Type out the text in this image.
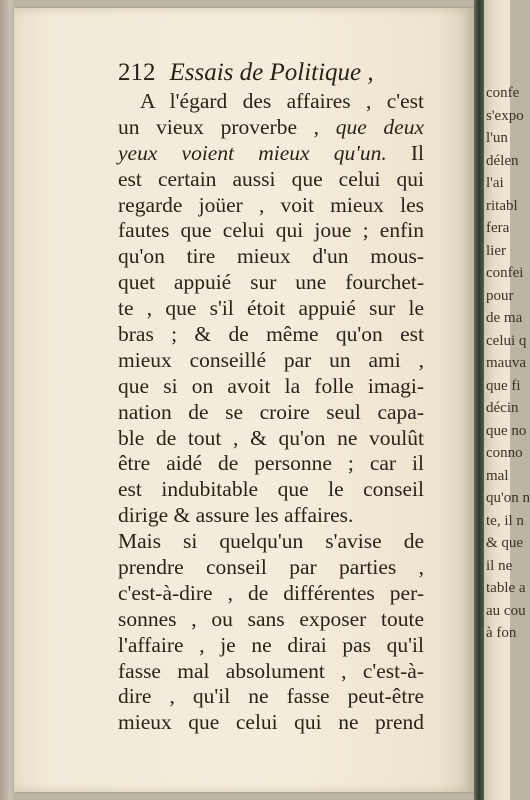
212 Essais de Politique ,
A l'égard des affaires , c'est
un vieux proverbe , que deux
yeux voient mieux qu'un. Il
est certain aussi que celui qui
regarde joüer , voit mieux les
fautes que celui qui joue ; enfin
qu'on tire mieux d'un mous-
quet appuié sur une fourchet-
te , que s'il étoit appuié sur le
bras ; & de même qu'on est
mieux conseillé par un ami ,
que si on avoit la folle imagi-
nation de se croire seul capa-
ble de tout , & qu'on ne voulût
être aidé de personne ; car il
est indubitable que le conseil
dirige & assure les affaires.
Mais si quelqu'un s'avise de
prendre conseil par parties ,
c'est-à-dire , de différentes per-
sonnes , ou sans exposer toute
l'affaire , je ne dirai pas qu'il
fasse mal absolument , c'est-à-
dire , qu'il ne fasse peut-être
mieux que celui qui ne prend
confe
s'expo
l'un
délen
l'ai
ritabl
fera
lier
confei
pour
de ma
celui q
mauva
que fi
décin
que no
conno
mal
qu'on n
te, il n
& que
il ne
table a
au cou
à fon
